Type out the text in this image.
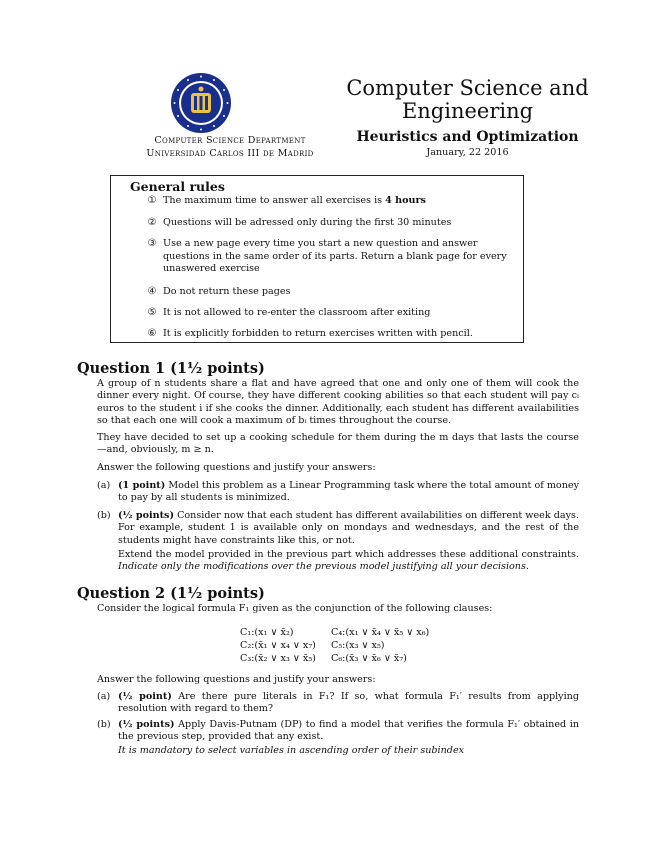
Computer Science Department
Universidad Carlos III de Madrid
Computer Science and
Engineering
Heuristics and Optimization
January, 22 2016
General rules
① The maximum time to answer all exercises is 4 hours
② Questions will be adressed only during the first 30 minutes
③ Use a new page every time you start a new question and answer questions in the same order of its parts. Return a blank page for every unaswered exercise
④ Do not return these pages
⑤ It is not allowed to re-enter the classroom after exiting
⑥ It is explicitly forbidden to return exercises written with pencil.
Question 1 (1½ points)
A group of n students share a flat and have agreed that one and only one of them will cook the dinner every night. Of course, they have different cooking abilities so that each student will pay cᵢ euros to the student i if she cooks the dinner. Additionally, each student has different availabilities so that each one will cook a maximum of bᵢ times throughout the course.
They have decided to set up a cooking schedule for them during the m days that lasts the course —and, obviously, m ≥ n.
Answer the following questions and justify your answers:
(a) (1 point) Model this problem as a Linear Programming task where the total amount of money to pay by all students is minimized.
(b) (½ points) Consider now that each student has different availabilities on different week days. For example, student 1 is available only on mondays and wednesdays, and the rest of the students might have constraints like this, or not.
Extend the model provided in the previous part which addresses these additional constraints. Indicate only the modifications over the previous model justifying all your decisions.
Question 2 (1½ points)
Consider the logical formula F₁ given as the conjunction of the following clauses:
C₁:(x₁ ∨ x̄₂)	C₄:(x₁ ∨ x̄₄ ∨ x̄₅ ∨ x₆)
C₂:(x̄₁ ∨ x₄ ∨ x₇) C₅:(x₃ ∨ x₅)
C₃:(x̄₂ ∨ x₃ ∨ x̄₅) C₆:(x̄₃ ∨ x̄₆ ∨ x̄₇)
Answer the following questions and justify your answers:
(a) (½ point) Are there pure literals in F₁? If so, what formula F₁′ results from applying resolution with regard to them?
(b) (½ points) Apply Davis-Putnam (DP) to find a model that verifies the formula F₁′ obtained in the previous step, provided that any exist.
It is mandatory to select variables in ascending order of their subindex
